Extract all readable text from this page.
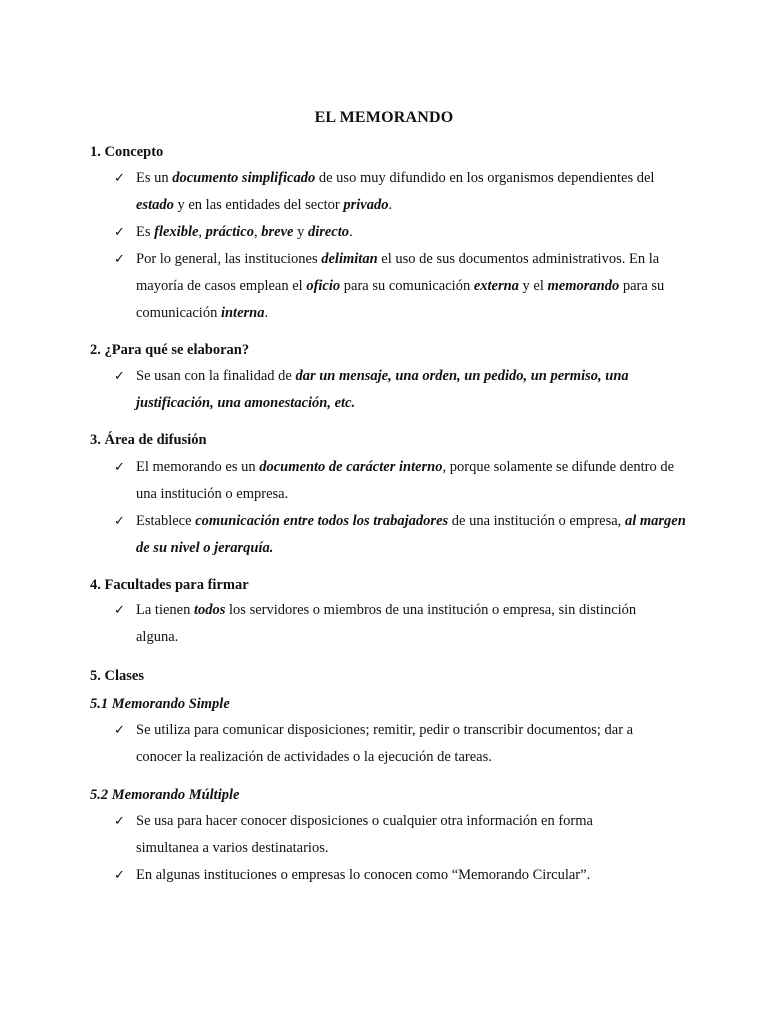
EL MEMORANDO
1. Concepto
✓ Es un documento simplificado de uso muy difundido en los organismos dependientes del estado y en las entidades del sector privado.
✓ Es flexible, práctico, breve y directo.
✓ Por lo general, las instituciones delimitan el uso de sus documentos administrativos. En la mayoría de casos emplean el oficio para su comunicación externa y el memorando para su comunicación interna.
2. ¿Para qué se elaboran?
✓ Se usan con la finalidad de dar un mensaje, una orden, un pedido, un permiso, una justificación, una amonestación, etc.
3. Área de difusión
✓ El memorando es un documento de carácter interno, porque solamente se difunde dentro de una institución o empresa.
✓ Establece comunicación entre todos los trabajadores de una institución o empresa, al margen de su nivel o jerarquía.
4. Facultades para firmar
✓ La tienen todos los servidores o miembros de una institución o empresa, sin distinción alguna.
5. Clases
5.1 Memorando Simple
✓ Se utiliza para comunicar disposiciones; remitir, pedir o transcribir documentos; dar a conocer la realización de actividades o la ejecución de tareas.
5.2 Memorando Múltiple
✓ Se usa para hacer conocer disposiciones o cualquier otra información en forma simultanea a varios destinatarios.
✓ En algunas instituciones o empresas lo conocen como “Memorando Circular”.
